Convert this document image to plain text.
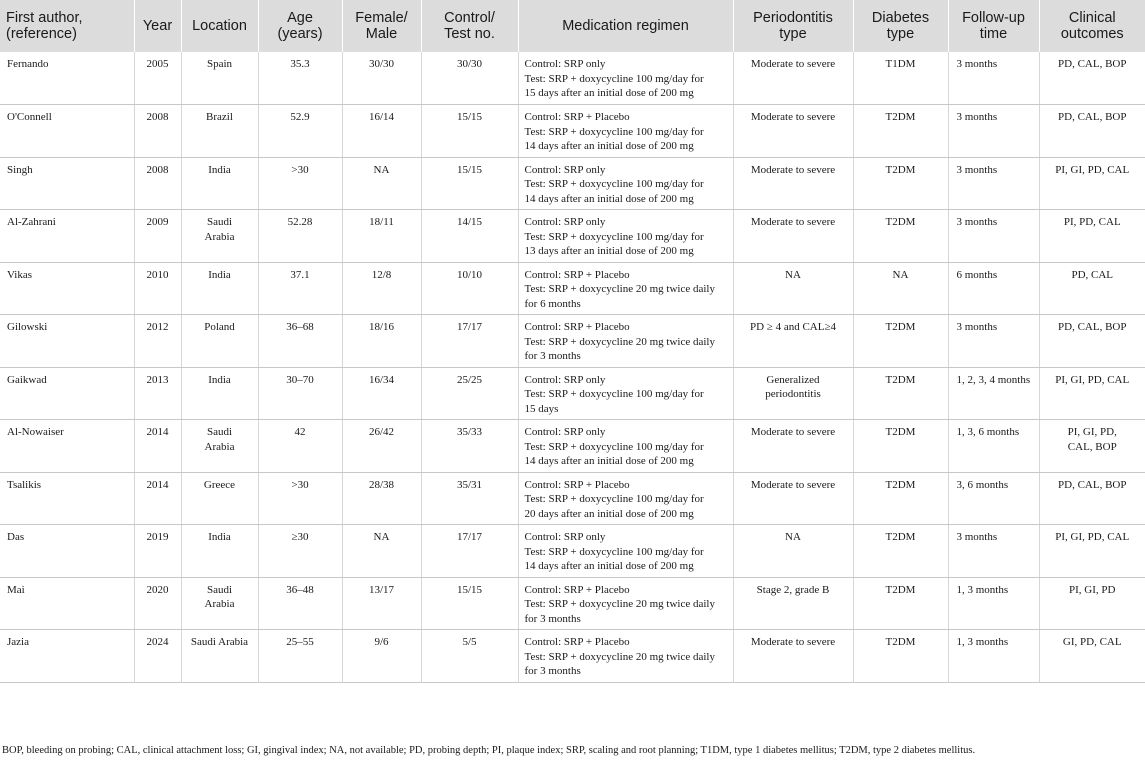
First author,
(reference)	Year	Location	Age
(years)	Female/
Male	Control/
Test no.	Medication regimen	Periodontitis
type	Diabetes
type	Follow-up
time	Clinical
outcomes
Fernando	2005	Spain	35.3	30/30	30/30	Control: SRP only
Test: SRP + doxycycline 100 mg/day for
15 days after an initial dose of 200 mg	Moderate to severe	T1DM	3 months	PD, CAL, BOP
O'Connell	2008	Brazil	52.9	16/14	15/15	Control: SRP + Placebo
Test: SRP + doxycycline 100 mg/day for
14 days after an initial dose of 200 mg	Moderate to severe	T2DM	3 months	PD, CAL, BOP
Singh	2008	India	>30	NA	15/15	Control: SRP only
Test: SRP + doxycycline 100 mg/day for
14 days after an initial dose of 200 mg	Moderate to severe	T2DM	3 months	PI, GI, PD, CAL
Al-Zahrani	2009	Saudi
Arabia	52.28	18/11	14/15	Control: SRP only
Test: SRP + doxycycline 100 mg/day for
13 days after an initial dose of 200 mg	Moderate to severe	T2DM	3 months	PI, PD, CAL
Vikas	2010	India	37.1	12/8	10/10	Control: SRP + Placebo
Test: SRP + doxycycline 20 mg twice daily
for 6 months	NA	NA	6 months	PD, CAL
Gilowski	2012	Poland	36–68	18/16	17/17	Control: SRP + Placebo
Test: SRP + doxycycline 20 mg twice daily
for 3 months	PD ≥ 4 and CAL≥4	T2DM	3 months	PD, CAL, BOP
Gaikwad	2013	India	30–70	16/34	25/25	Control: SRP only
Test: SRP + doxycycline 100 mg/day for
15 days	Generalized
periodontitis	T2DM	1, 2, 3, 4 months	PI, GI, PD, CAL
Al-Nowaiser	2014	Saudi
Arabia	42	26/42	35/33	Control: SRP only
Test: SRP + doxycycline 100 mg/day for
14 days after an initial dose of 200 mg	Moderate to severe	T2DM	1, 3, 6 months	PI, GI, PD,
CAL, BOP
Tsalikis	2014	Greece	>30	28/38	35/31	Control: SRP + Placebo
Test: SRP + doxycycline 100 mg/day for
20 days after an initial dose of 200 mg	Moderate to severe	T2DM	3, 6 months	PD, CAL, BOP
Das	2019	India	≥30	NA	17/17	Control: SRP only
Test: SRP + doxycycline 100 mg/day for
14 days after an initial dose of 200 mg	NA	T2DM	3 months	PI, GI, PD, CAL
Mai	2020	Saudi
Arabia	36–48	13/17	15/15	Control: SRP + Placebo
Test: SRP + doxycycline 20 mg twice daily
for 3 months	Stage 2, grade B	T2DM	1, 3 months	PI, GI, PD
Jazia	2024	Saudi Arabia	25–55	9/6	5/5	Control: SRP + Placebo
Test: SRP + doxycycline 20 mg twice daily
for 3 months	Moderate to severe	T2DM	1, 3 months	GI, PD, CAL
BOP, bleeding on probing; CAL, clinical attachment loss; GI, gingival index; NA, not available; PD, probing depth; PI, plaque index; SRP, scaling and root planning; T1DM, type 1 diabetes mellitus; T2DM, type 2 diabetes mellitus.
